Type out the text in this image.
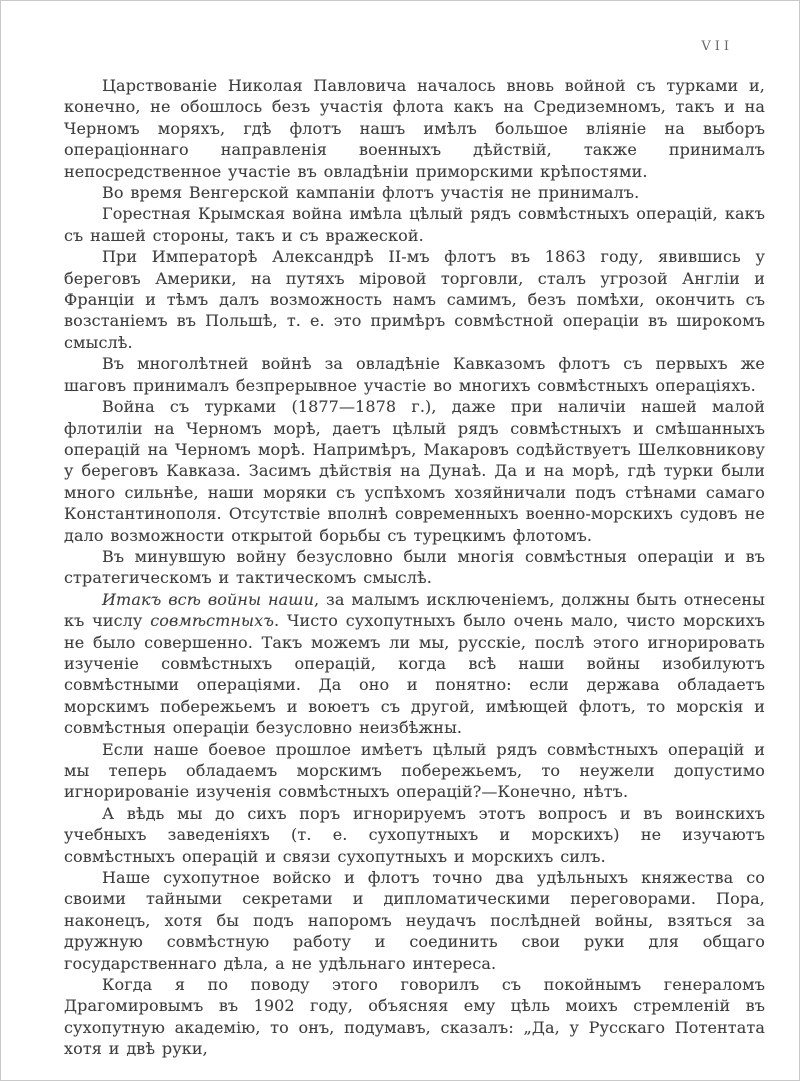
VII

Царствованіе Николая Павловича началось вновь войной съ турками и, конечно, не обошлось безъ участія флота какъ на Средиземномъ, такъ и на Черномъ моряхъ, гдѣ флотъ нашъ имѣлъ большое вліяніе на выборъ операціоннаго направленія военныхъ дѣйствій, также принималъ непосредственное участіе въ овладѣніи приморскими крѣпостями.

Во время Венгерской кампаніи флотъ участія не принималъ.

Горестная Крымская война имѣла цѣлый рядъ совмѣстныхъ операцій, какъ съ нашей стороны, такъ и съ вражеской.

При Императорѣ Александрѣ II-мъ флотъ въ 1863 году, явившись у береговъ Америки, на путяхъ міровой торговли, сталъ угрозой Англіи и Франціи и тѣмъ далъ возможность намъ самимъ, безъ помѣхи, окончить съ возстаніемъ въ Польшѣ, т. е. это примѣръ совмѣстной операціи въ широкомъ смыслѣ.

Въ многолѣтней войнѣ за овладѣніе Кавказомъ флотъ съ первыхъ же шаговъ принималъ безпрерывное участіе во многихъ совмѣстныхъ операціяхъ.

Война съ турками (1877—1878 г.), даже при наличіи нашей малой флотиліи на Черномъ морѣ, даетъ цѣлый рядъ совмѣстныхъ и смѣшанныхъ операцій на Черномъ морѣ. Напримѣръ, Макаровъ содѣйствуетъ Шелковникову у береговъ Кавказа. Засимъ дѣйствія на Дунаѣ. Да и на морѣ, гдѣ турки были много сильнѣе, наши моряки съ успѣхомъ хозяйничали подъ стѣнами самаго Константинополя. Отсутствіе вполнѣ современныхъ военно-морскихъ судовъ не дало возможности открытой борьбы съ турецкимъ флотомъ.

Въ минувшую войну безусловно были многія совмѣстныя операціи и въ стратегическомъ и тактическомъ смыслѣ.

Итакъ всѣ войны наши, за малымъ исключеніемъ, должны быть отнесены къ числу совмѣстныхъ. Чисто сухопутныхъ было очень мало, чисто морскихъ не было совершенно. Такъ можемъ ли мы, русскіе, послѣ этого игнорировать изученіе совмѣстныхъ операцій, когда всѣ наши войны изобилуютъ совмѣстными операціями. Да оно и понятно: если держава обладаетъ морскимъ побережьемъ и воюетъ съ другой, имѣющей флотъ, то морскія и совмѣстныя операціи безусловно неизбѣжны.

Если наше боевое прошлое имѣетъ цѣлый рядъ совмѣстныхъ операцій и мы теперь обладаемъ морскимъ побережьемъ, то неужели допустимо игнорированіе изученія совмѣстныхъ операцій?—Конечно, нѣтъ.

А вѣдь мы до сихъ поръ игнорируемъ этотъ вопросъ и въ воинскихъ учебныхъ заведеніяхъ (т. е. сухопутныхъ и морскихъ) не изучаютъ совмѣстныхъ операцій и связи сухопутныхъ и морскихъ силъ.

Наше сухопутное войско и флотъ точно два удѣльныхъ княжества со своими тайными секретами и дипломатическими переговорами. Пора, наконецъ, хотя бы подъ напоромъ неудачъ послѣдней войны, взяться за дружную совмѣстную работу и соединить свои руки для общаго государственнаго дѣла, а не удѣльнаго интереса.

Когда я по поводу этого говорилъ съ покойнымъ генераломъ Драгомировымъ въ 1902 году, объясняя ему цѣль моихъ стремленій въ сухопутную академію, то онъ, подумавъ, сказалъ: „Да, у Русскаго Потентата хотя и двѣ руки,
